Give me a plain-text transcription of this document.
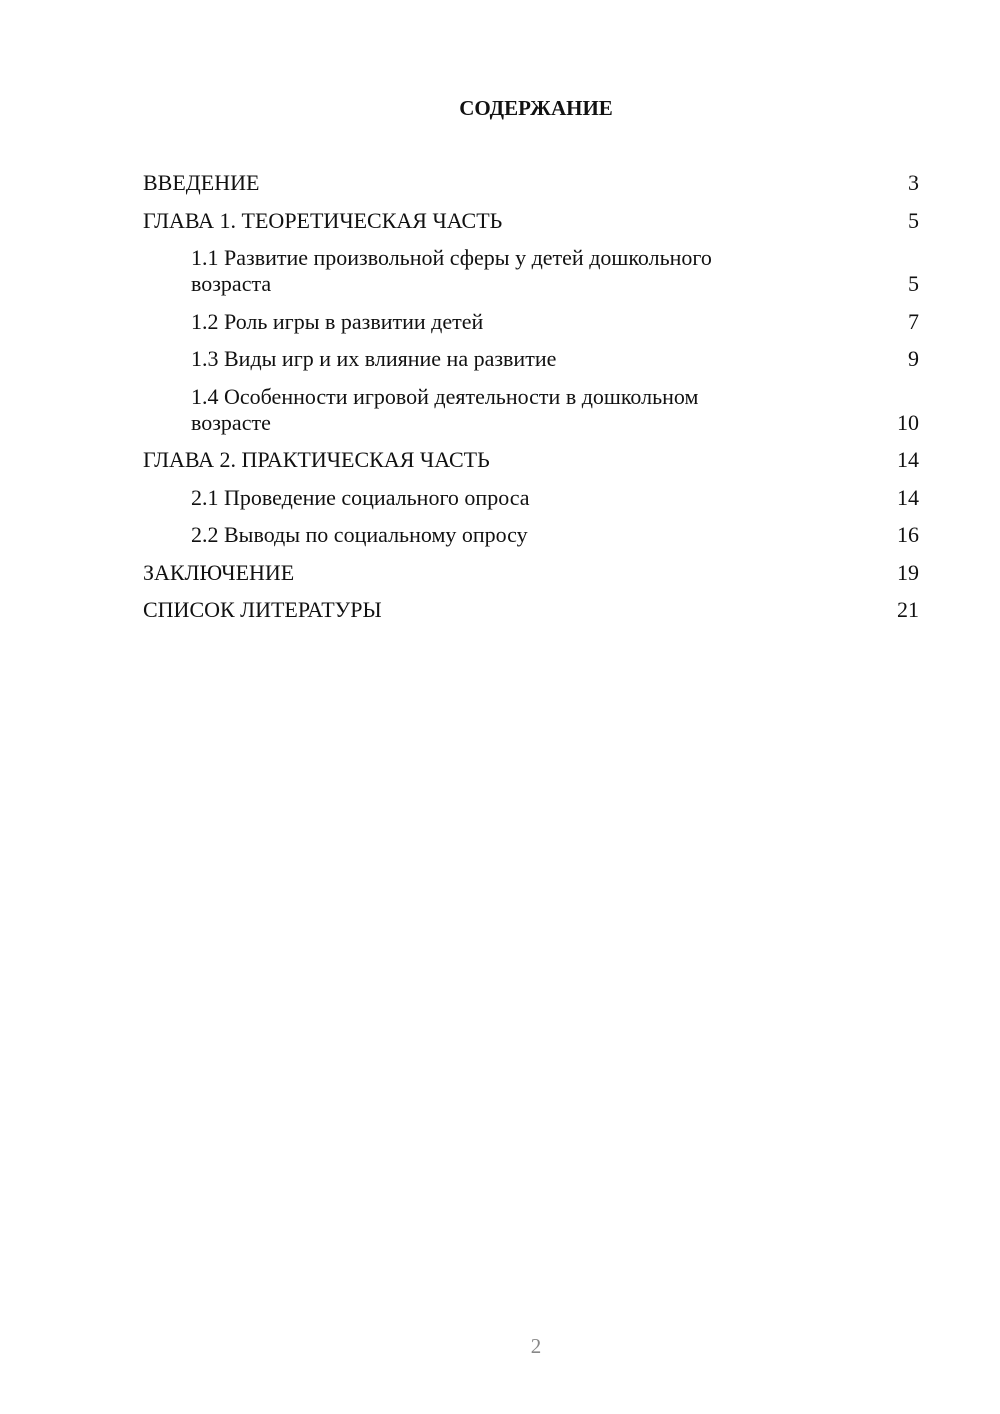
СОДЕРЖАНИЕ
ВВЕДЕНИЕ	3
ГЛАВА 1. ТЕОРЕТИЧЕСКАЯ ЧАСТЬ	5
1.1 Развитие произвольной сферы у детей дошкольного возраста	5
1.2 Роль игры в развитии детей	7
1.3 Виды игр и их влияние на развитие	9
1.4 Особенности игровой деятельности в дошкольном возрасте	10
ГЛАВА 2. ПРАКТИЧЕСКАЯ ЧАСТЬ	14
2.1 Проведение социального опроса	14
2.2 Выводы по социальному опросу	16
ЗАКЛЮЧЕНИЕ	19
СПИСОК ЛИТЕРАТУРЫ	21
2
